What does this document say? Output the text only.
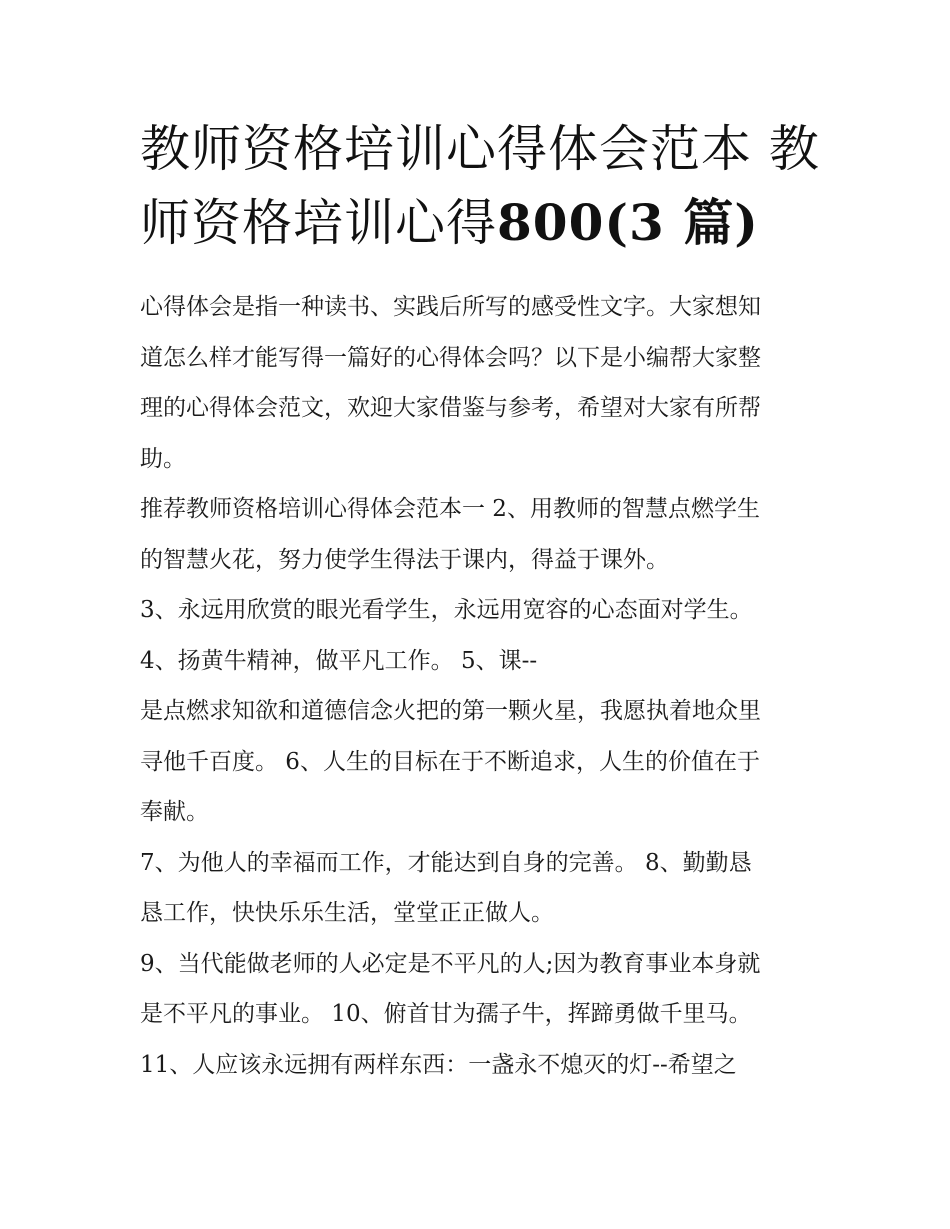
教师资格培训心得体会范本 教师资格培训心得800(3 篇)
心得体会是指一种读书、实践后所写的感受性文字。大家想知
道怎么样才能写得一篇好的心得体会吗？以下是小编帮大家整
理的心得体会范文，欢迎大家借鉴与参考，希望对大家有所帮
助。
推荐教师资格培训心得体会范本一 2、用教师的智慧点燃学生
的智慧火花，努力使学生得法于课内，得益于课外。
3、永远用欣赏的眼光看学生，永远用宽容的心态面对学生。
4、扬黄牛精神，做平凡工作。 5、课--
是点燃求知欲和道德信念火把的第一颗火星，我愿执着地众里
寻他千百度。 6、人生的目标在于不断追求，人生的价值在于
奉献。
7、为他人的幸福而工作，才能达到自身的完善。 8、勤勤恳
恳工作，快快乐乐生活，堂堂正正做人。
9、当代能做老师的人必定是不平凡的人;因为教育事业本身就
是不平凡的事业。 10、俯首甘为孺子牛，挥蹄勇做千里马。
11、人应该永远拥有两样东西：一盏永不熄灭的灯--希望之
